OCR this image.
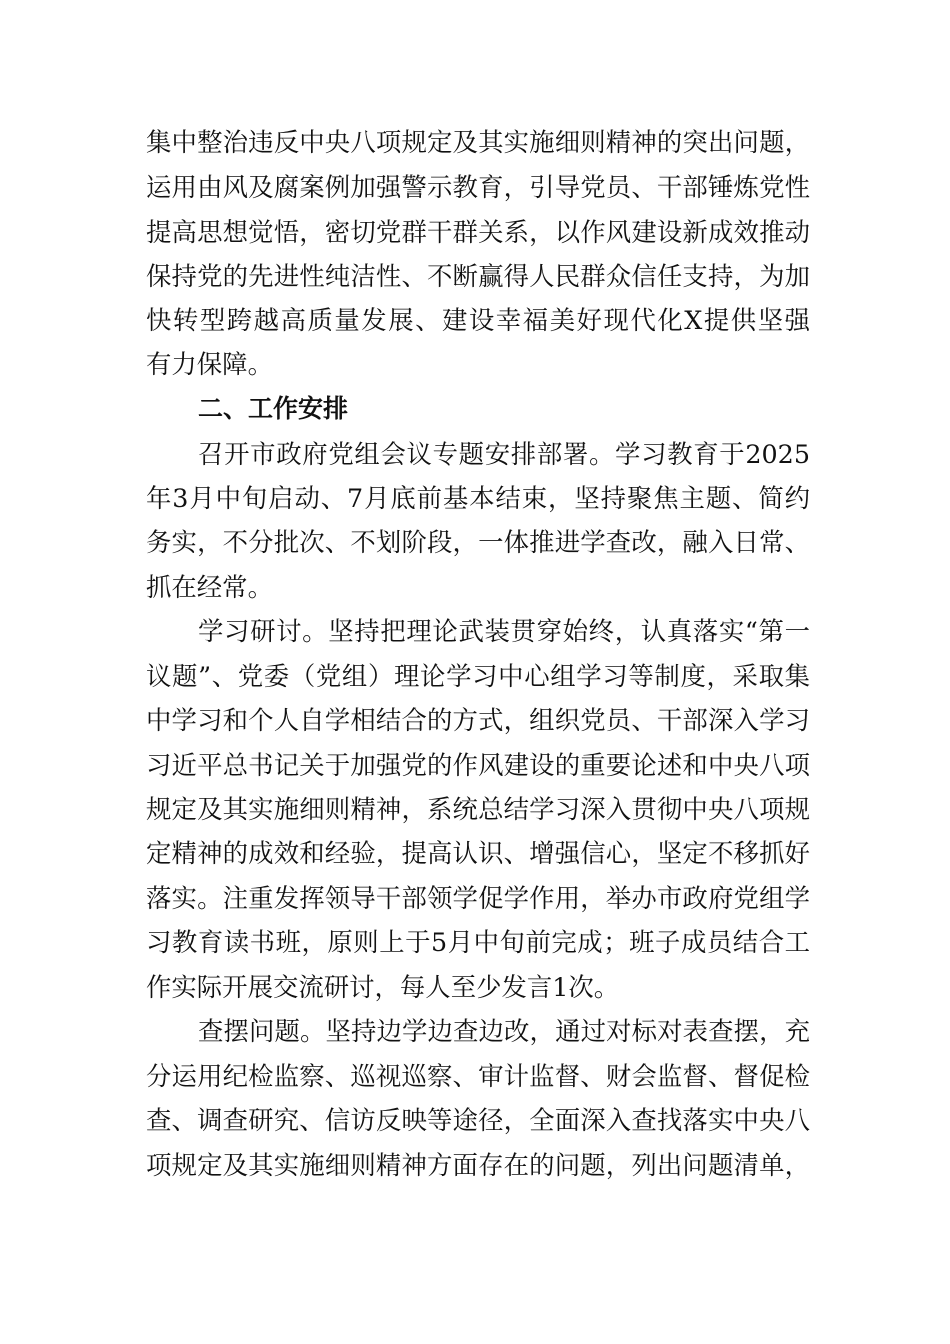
集中整治违反中央八项规定及其实施细则精神的突出问题，
运用由风及腐案例加强警示教育，引导党员、干部锤炼党性
提高思想觉悟，密切党群干群关系，以作风建设新成效推动
保持党的先进性纯洁性、不断赢得人民群众信任支持，为加
快转型跨越高质量发展、建设幸福美好现代化X提供坚强
有力保障。
二、工作安排
召开市政府党组会议专题安排部署。学习教育于2025
年3月中旬启动、7月底前基本结束，坚持聚焦主题、简约
务实，不分批次、不划阶段，一体推进学查改，融入日常、
抓在经常。
学习研讨。坚持把理论武装贯穿始终，认真落实“第一
议题”、党委（党组）理论学习中心组学习等制度，采取集
中学习和个人自学相结合的方式，组织党员、干部深入学习
习近平总书记关于加强党的作风建设的重要论述和中央八项
规定及其实施细则精神，系统总结学习深入贯彻中央八项规
定精神的成效和经验，提高认识、增强信心，坚定不移抓好
落实。注重发挥领导干部领学促学作用，举办市政府党组学
习教育读书班，原则上于5月中旬前完成；班子成员结合工
作实际开展交流研讨，每人至少发言1次。
查摆问题。坚持边学边查边改，通过对标对表查摆，充
分运用纪检监察、巡视巡察、审计监督、财会监督、督促检
查、调查研究、信访反映等途径，全面深入查找落实中央八
项规定及其实施细则精神方面存在的问题，列出问题清单，
